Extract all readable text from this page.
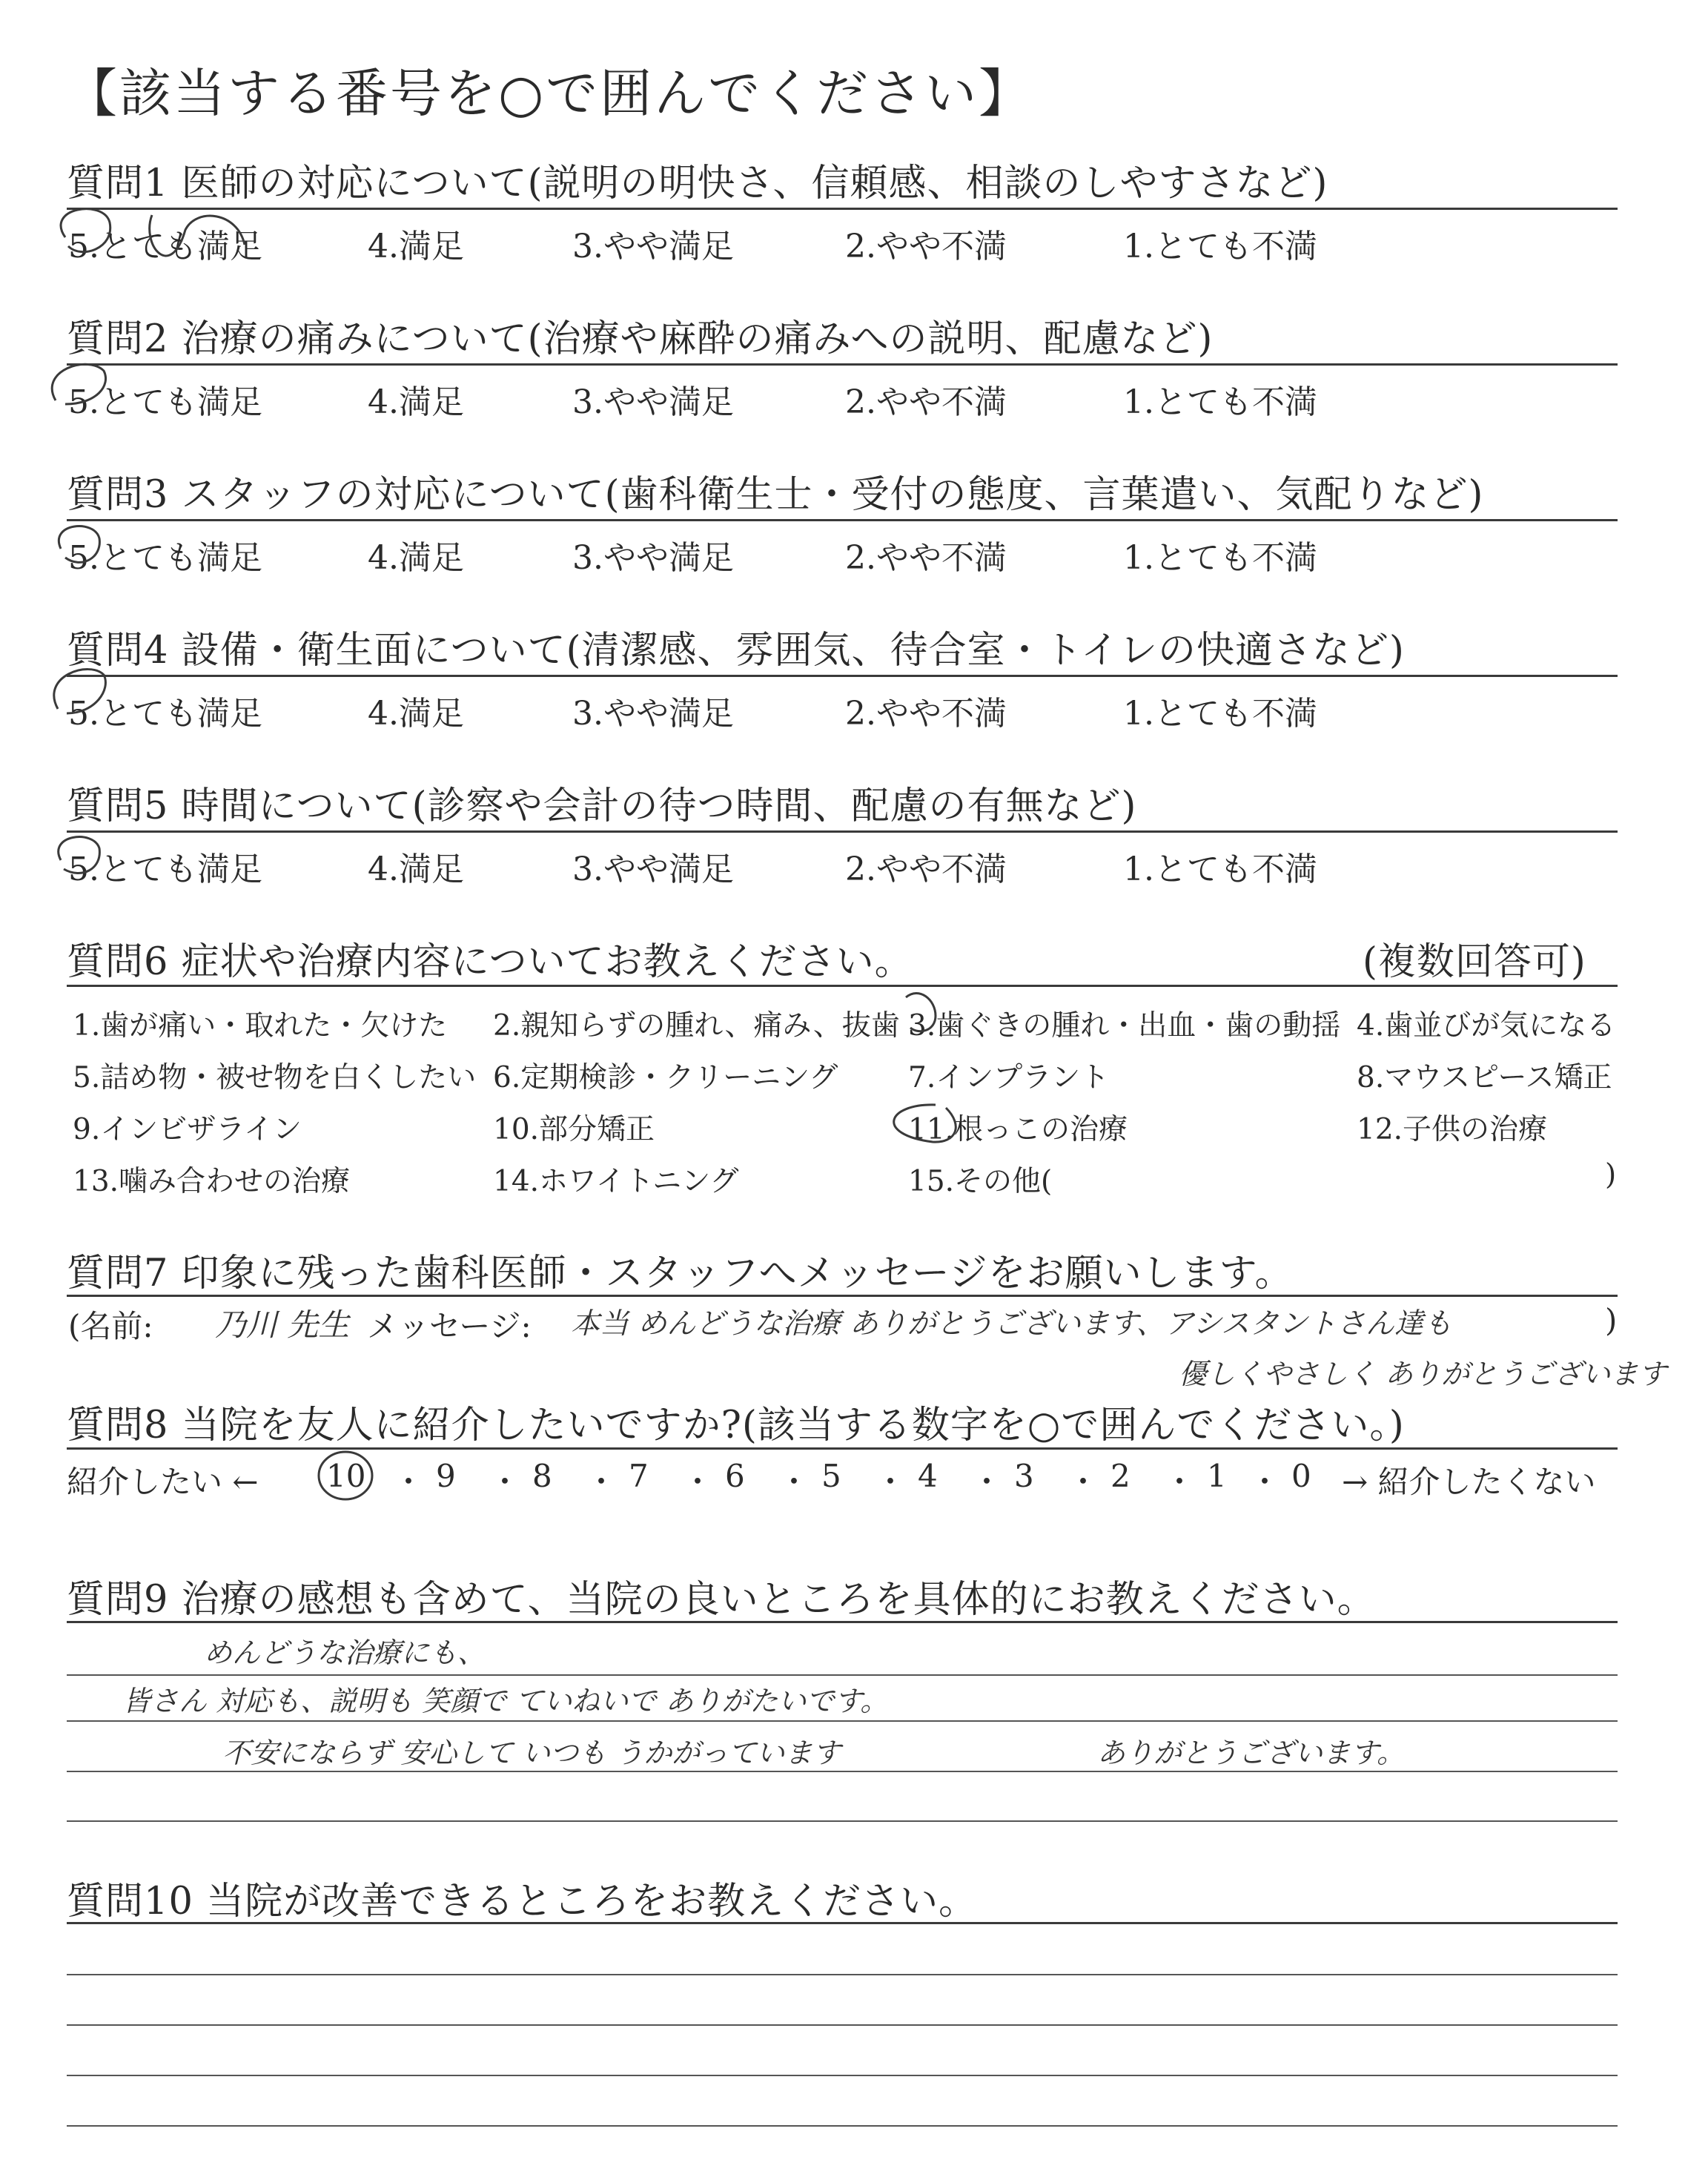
【該当する番号を○で囲んでください】
質問1 医師の対応について(説明の明快さ、信頼感、相談のしやすさなど)
5.とても満足	4.満足	3.やや満足	2.やや不満	1.とても不満
質問2 治療の痛みについて(治療や麻酔の痛みへの説明、配慮など)
5.とても満足	4.満足	3.やや満足	2.やや不満	1.とても不満
質問3 スタッフの対応について(歯科衛生士・受付の態度、言葉遣い、気配りなど)
5.とても満足	4.満足	3.やや満足	2.やや不満	1.とても不満
質問4 設備・衛生面について(清潔感、雰囲気、待合室・トイレの快適さなど)
5.とても満足	4.満足	3.やや満足	2.やや不満	1.とても不満
質問5 時間について(診察や会計の待つ時間、配慮の有無など)
5.とても満足	4.満足	3.やや満足	2.やや不満	1.とても不満
質問6 症状や治療内容についてお教えください。	(複数回答可)
1.歯が痛い・取れた・欠けた 2.親知らずの腫れ、痛み、抜歯 3.歯ぐきの腫れ・出血・歯の動揺 4.歯並びが気になる
5.詰め物・被せ物を白くしたい 6.定期検診・クリーニング 7.インプラント	8.マウスピース矯正
9.インビザライン	10.部分矯正	11.根っこの治療	12.子供の治療
13.噛み合わせの治療	14.ホワイトニング	15.その他(	)
質問7 印象に残った歯科医師・スタッフへメッセージをお願いします。
(名前: 乃川 先生 メッセージ: 本当 めんどうな治療 ありがとうございます、アシスタントさん達も	)
優しくやさしく ありがとうございます
質問8 当院を友人に紹介したいですか?(該当する数字を○で囲んでください。)
紹介したい ← 10 9 8 7 6 5 4 3 2 1 0 → 紹介したくない
・ ・ ・ ・ ・ ・ ・ ・ ・ ・
質問9 治療の感想も含めて、当院の良いところを具体的にお教えください。
めんどうな治療にも、
皆さん 対応も、説明も 笑顔で ていねいで ありがたいです。
不安にならず 安心して いつも うかがっています	ありがとうございます。
質問10 当院が改善できるところをお教えください。
